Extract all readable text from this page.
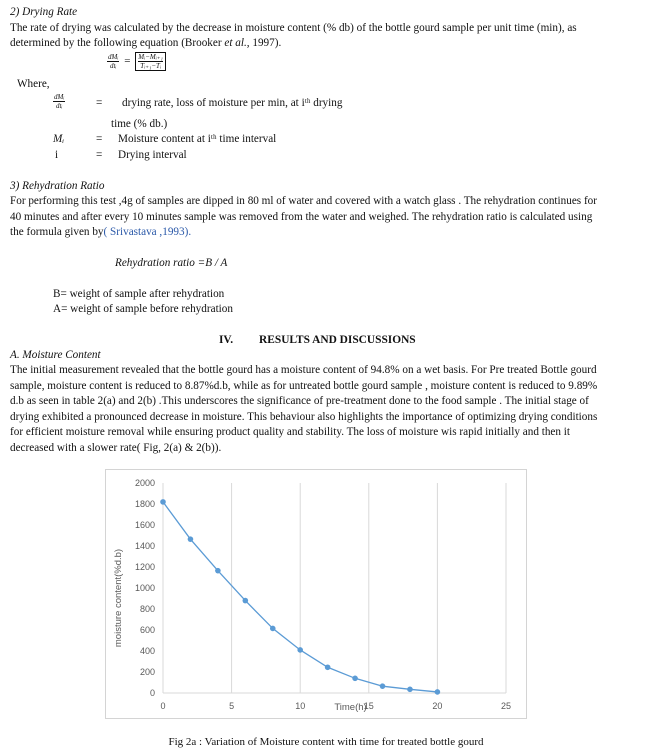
2) Drying Rate
The rate of drying was calculated by the decrease in moisture content (% db) of the bottle gourd sample per unit time (min), as
determined by the following equation (Brooker et al., 1997).
$\frac{\text{dMᵢ}}{\text{dtᵢ}} = \frac{\text{Mᵢ−Mᵢ₊₁}}{\text{Tᵢ₊₁−Tᵢ}}$
Where,
$\frac{\text{dMᵢ}}{\text{dtᵢ}}$	= drying rate, loss of moisture per min, at iᵗʰ drying
time (% db.)
Mᵢ	= Moisture content at iᵗʰ time interval
i	= Drying interval
3) Rehydration Ratio
For performing this test ,4g of samples are dipped in 80 ml of water and covered with a watch glass . The rehydration continues for
40 minutes and after every 10 minutes sample was removed from the water and weighed. The rehydration ratio is calculated using
the formula given by( Srivastava ,1993).
Rehydration ratio =B / A
B= weight of sample after rehydration
A= weight of sample before rehydration
IV. RESULTS AND DISCUSSIONS
A. Moisture Content
The initial measurement revealed that the bottle gourd has a moisture content of 94.8% on a wet basis. For Pre treated Bottle gourd
sample, moisture content is reduced to 8.87%d.b, while as for untreated bottle gourd sample , moisture content is reduced to 9.89%
d.b as seen in table 2(a) and 2(b) .This underscores the significance of pre-treatment done to the food sample . The initial stage of
drying exhibited a pronounced decrease in moisture. This behaviour also highlights the importance of optimizing drying conditions
for efficient moisture removal while ensuring product quality and stability. The loss of moisture wis rapid initially and then it
decreased with a slower rate( Fig, 2(a) & 2(b)).
0	5	10	15	20	25
0
200
400
600
800
1000
1200
1400
1600
1800
2000
Time(h)
moisture content(%d.b)
Fig 2a : Variation of Moisture content with time for treated bottle gourd
